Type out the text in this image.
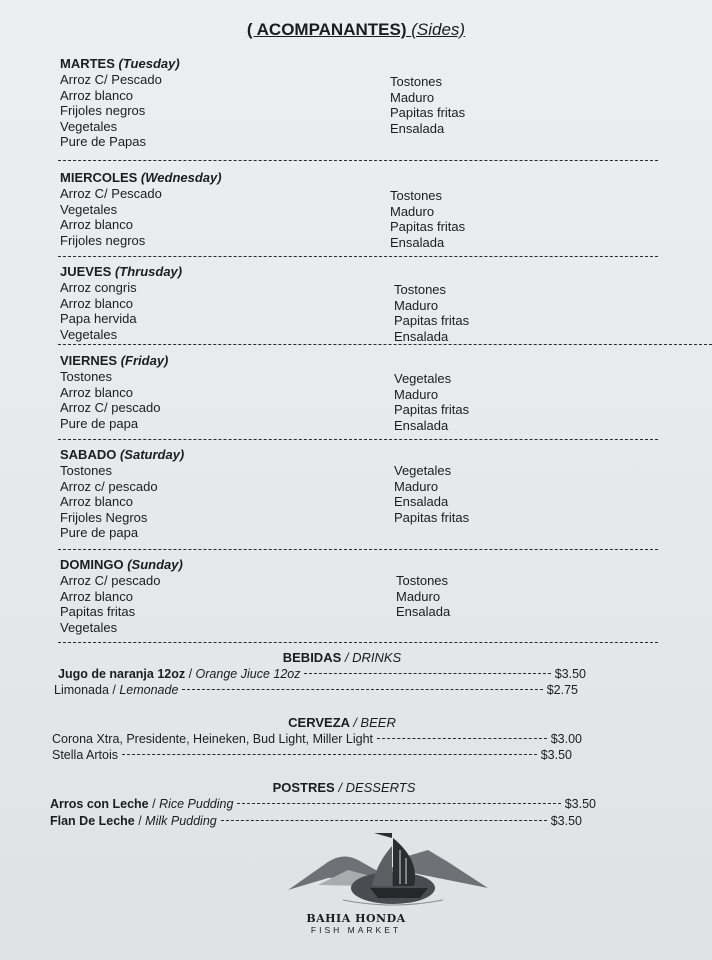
( ACOMPANANTES) (Sides)
MARTES (Tuesday)
Arroz C/ Pescado
Arroz blanco
Frijoles negros
Vegetales
Pure de Papas
Tostones
Maduro
Papitas fritas
Ensalada
MIERCOLES (Wednesday)
Arroz C/ Pescado
Vegetales
Arroz blanco
Frijoles negros
Tostones
Maduro
Papitas fritas
Ensalada
JUEVES (Thrusday)
Arroz congris
Arroz blanco
Papa hervida
Vegetales
Tostones
Maduro
Papitas fritas
Ensalada
VIERNES (Friday)
Tostones
Arroz blanco
Arroz C/ pescado
Pure de papa
Vegetales
Maduro
Papitas fritas
Ensalada
SABADO (Saturday)
Tostones
Arroz c/ pescado
Arroz blanco
Frijoles Negros
Pure de papa
Vegetales
Maduro
Ensalada
Papitas fritas
DOMINGO (Sunday)
Arroz C/ pescado
Arroz blanco
Papitas fritas
Vegetales
Tostones
Maduro
Ensalada
BEBIDAS / DRINKS
Jugo de naranja 12oz / Orange Jiuce 12oz	$3.50
Limonada / Lemonade	$2.75
CERVEZA / BEER
Corona Xtra, Presidente, Heineken, Bud Light, Miller Light	$3.00
Stella Artois	$3.50
POSTRES / DESSERTS
Arros con Leche / Rice Pudding	$3.50
Flan De Leche / Milk Pudding	$3.50
BAHIA HONDA
FISH MARKET
